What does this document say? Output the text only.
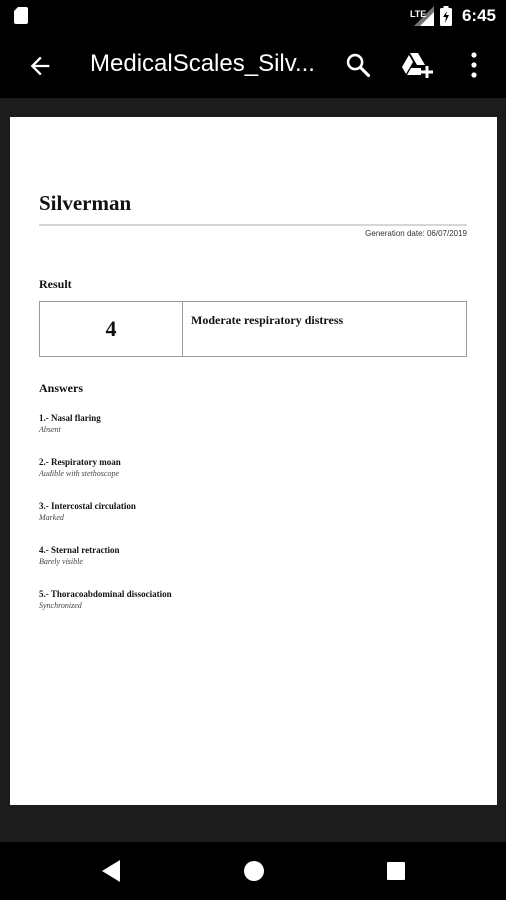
LTE 6:45
MedicalScales_Silv...
Silverman
Generation date: 06/07/2019
Result
4	Moderate respiratory distress
Answers
1.- Nasal flaring
Absent
2.- Respiratory moan
Audible with stethoscope
3.- Intercostal circulation
Marked
4.- Sternal retraction
Barely visible
5.- Thoracoabdominal dissociation
Synchronized
